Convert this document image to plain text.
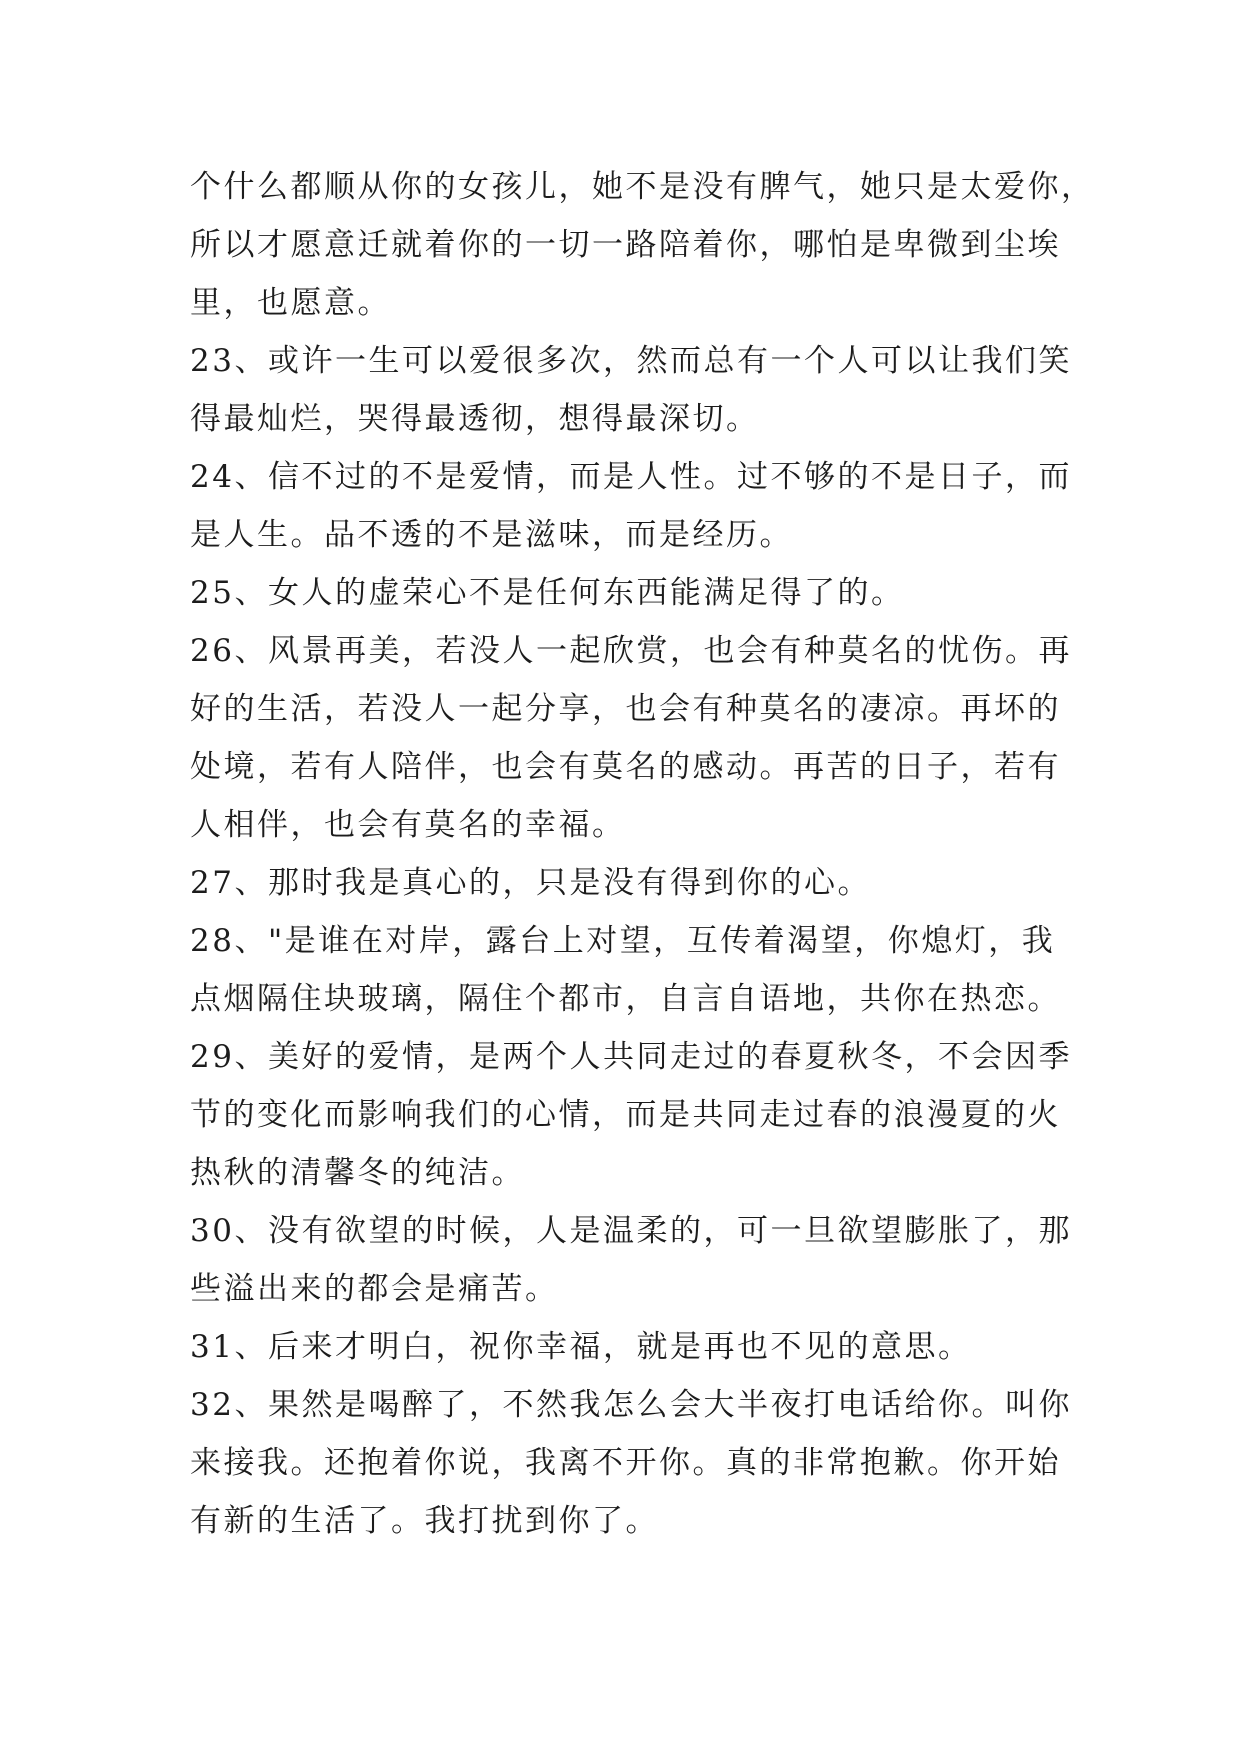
个什么都顺从你的女孩儿，她不是没有脾气，她只是太爱你，
所以才愿意迁就着你的一切一路陪着你，哪怕是卑微到尘埃
里，也愿意。
23、或许一生可以爱很多次，然而总有一个人可以让我们笑
得最灿烂，哭得最透彻，想得最深切。
24、信不过的不是爱情，而是人性。过不够的不是日子，而
是人生。品不透的不是滋味，而是经历。
25、女人的虚荣心不是任何东西能满足得了的。
26、风景再美，若没人一起欣赏，也会有种莫名的忧伤。再
好的生活，若没人一起分享，也会有种莫名的凄凉。再坏的
处境，若有人陪伴，也会有莫名的感动。再苦的日子，若有
人相伴，也会有莫名的幸福。
27、那时我是真心的，只是没有得到你的心。
28、"是谁在对岸，露台上对望，互传着渴望，你熄灯，我
点烟隔住块玻璃，隔住个都市，自言自语地，共你在热恋。
29、美好的爱情，是两个人共同走过的春夏秋冬，不会因季
节的变化而影响我们的心情，而是共同走过春的浪漫夏的火
热秋的清馨冬的纯洁。
30、没有欲望的时候，人是温柔的，可一旦欲望膨胀了，那
些溢出来的都会是痛苦。
31、后来才明白，祝你幸福，就是再也不见的意思。
32、果然是喝醉了，不然我怎么会大半夜打电话给你。叫你
来接我。还抱着你说，我离不开你。真的非常抱歉。你开始
有新的生活了。我打扰到你了。
